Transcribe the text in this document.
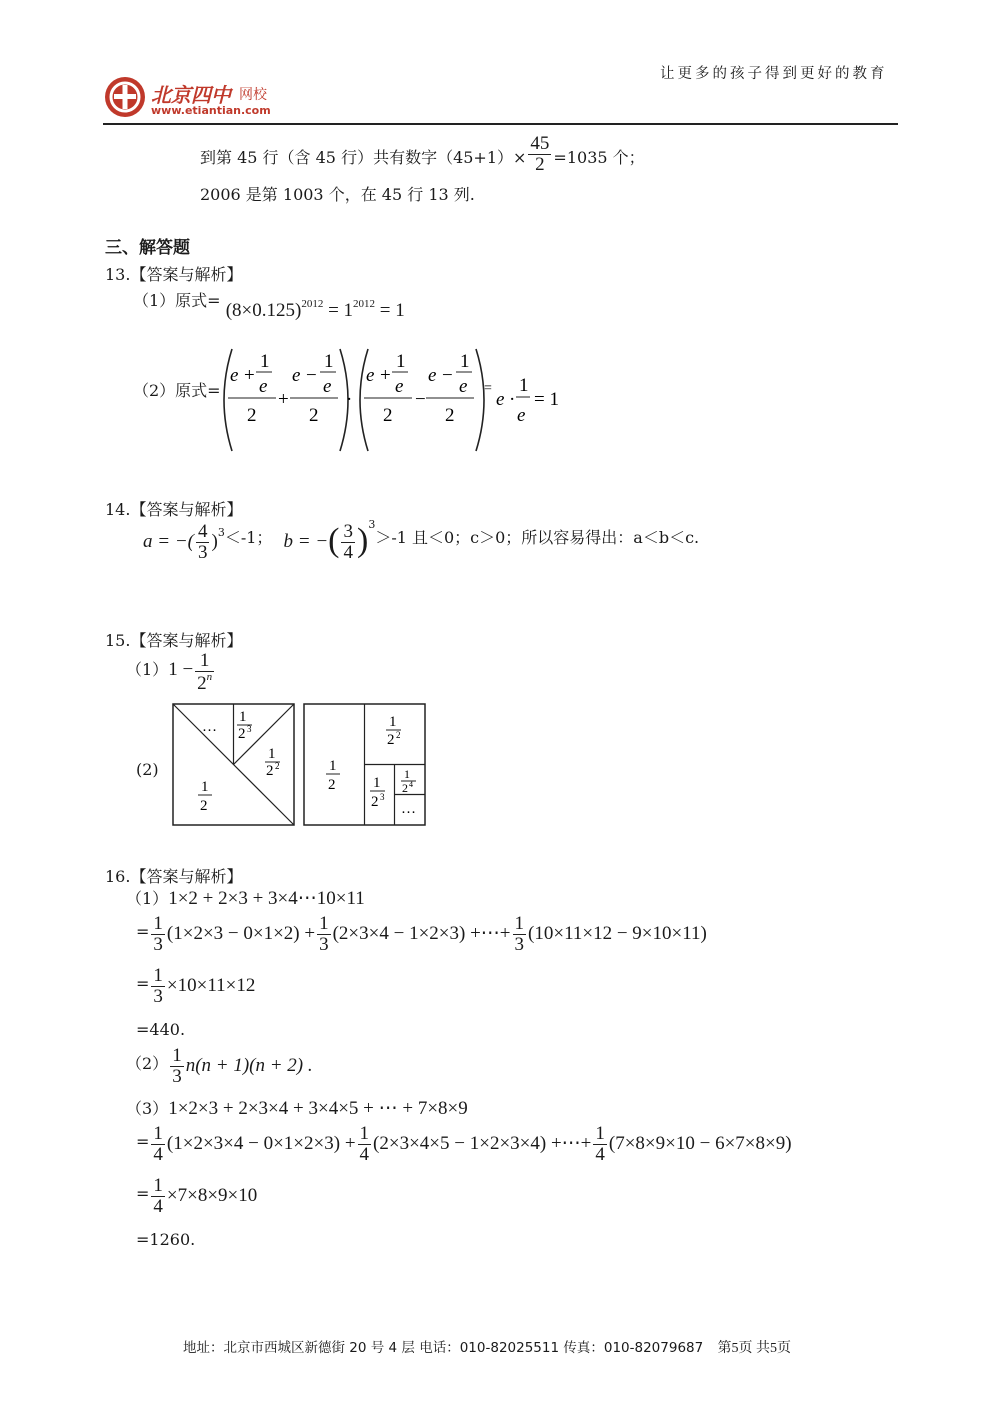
北京四中 网校
www.etiantian.com
让更多的孩子得到更好的教育
到第 45 行（含 45 行）共有数字$(45+1)\times \frac{45}{2} =1035$ 个；
2006 是第 1003 个，在 45 行 13 列.
三、解答题
13.【答案与解析】
（1）原式= $(8\times 0.125)^{2012} = 1^{2012} = 1$
（2）原式=
e +
1
e
2
+
e −
1
e
2
·
e +
1
e
2
−
e −
1
e
2
=
e ·
1
e
= 1
14.【答案与解析】
a = −( $\frac{4}{3} )^3<-1$； b = −( $\frac{3}{4} )^3>-1$ 且＜0；c＞0；所以容易得出：a＜b＜c.
15.【答案与解析】
$(1)1 - \frac{1}{2^n}$
(2)
…
1
2 3
1
2 2
1
2
1
2
1
2 2
1
2 3
1
2 4
…
16.【答案与解析】
（1）1×2 + 2×3 + 3×4⋯10×11
= $\frac{1}{3} (1\times 2\times 3 - 0\times 1\times 2) + \frac{1}{3} (2\times 3\times 4 - 1\times 2\times 3)$ +⋯+ $\frac{1}{3} (10\times 11\times 12 - 9\times 10\times 11)$
= $\frac{1}{3} \times 10\times 11\times 12$
=440.
$(2) \frac{1}{3} n(n + 1)(n + 2)$ .
（3）1×2×3 + 2×3×4 + 3×4×5 + ⋯ + 7×8×9
= $\frac{1}{4} (1\times 2\times 3\times 4 - 0\times 1\times 2\times 3) + \frac{1}{4} (2\times 3\times 4\times 5 - 1\times 2\times 3\times 4)$ +⋯+ $\frac{1}{4} (7\times 8\times 9\times 10 - 6\times 7\times 8\times 9)$
= $\frac{1}{4} \times 7\times 8\times 9\times 10$
=1260.
地址：北京市西城区新德街 20 号 4 层 电话：010-82025511 传真：010-82079687 第5页 共5页
